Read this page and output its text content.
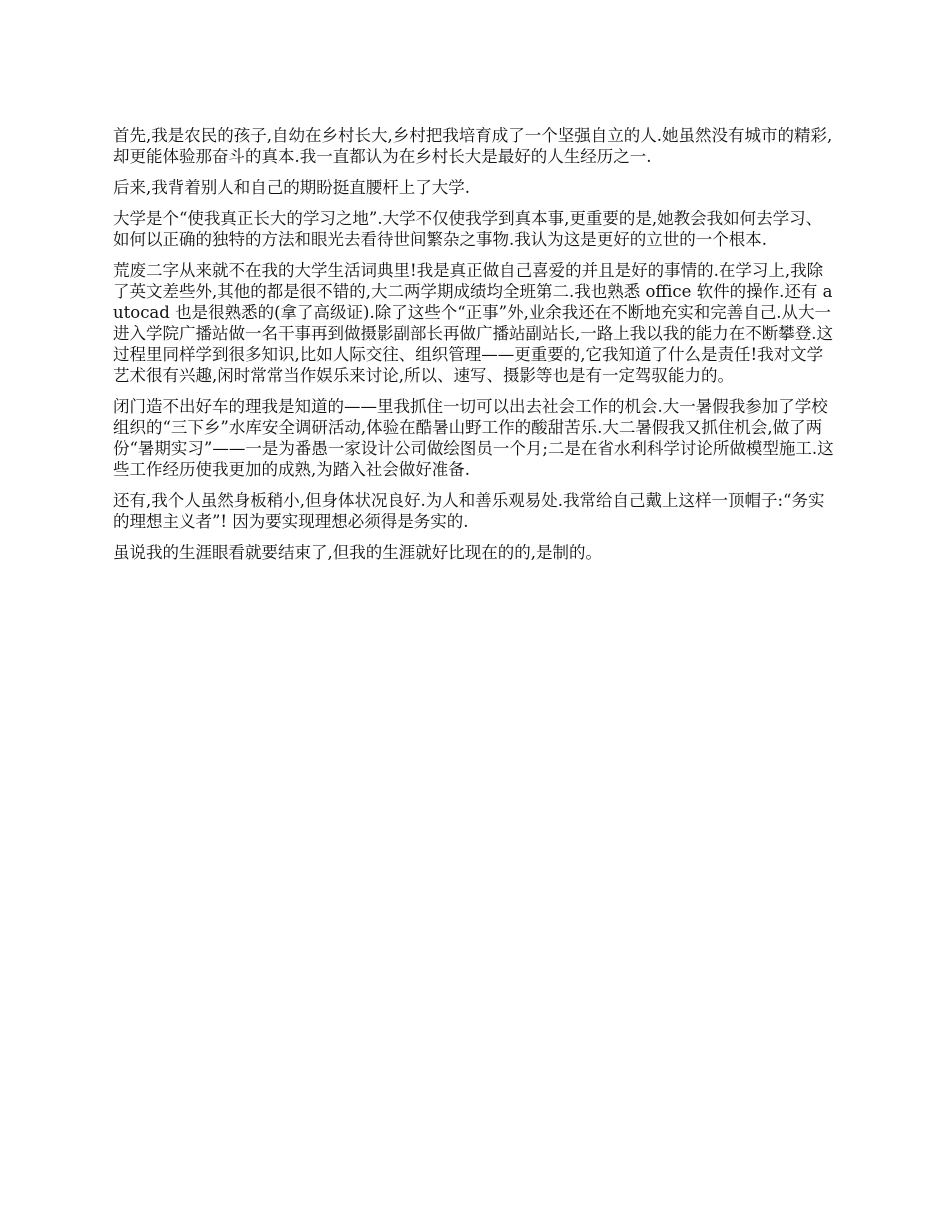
首先,我是农民的孩子,自幼在乡村长大,乡村把我培育成了一个坚强自立的人.她虽然没有城市的精彩,却更能体验那奋斗的真本.我一直都认为在乡村长大是最好的人生经历之一.

后来,我背着别人和自己的期盼挺直腰杆上了大学.

大学是个“使我真正长大的学习之地”.大学不仅使我学到真本事,更重要的是,她教会我如何去学习、如何以正确的独特的方法和眼光去看待世间繁杂之事物.我认为这是更好的立世的一个根本.

荒废二字从来就不在我的大学生活词典里!我是真正做自己喜爱的并且是好的事情的.在学习上,我除了英文差些外,其他的都是很不错的,大二两学期成绩均全班第二.我也熟悉 office 软件的操作.还有 autocad 也是很熟悉的(拿了高级证).除了这些个“正事”外,业余我还在不断地充实和完善自己.从大一进入学院广播站做一名干事再到做摄影副部长再做广播站副站长,一路上我以我的能力在不断攀登.这过程里同样学到很多知识,比如人际交往、组织管理——更重要的,它我知道了什么是责任!我对文学艺术很有兴趣,闲时常常当作娱乐来讨论,所以、速写、摄影等也是有一定驾驭能力的。

闭门造不出好车的理我是知道的——里我抓住一切可以出去社会工作的机会.大一暑假我参加了学校组织的“三下乡”水库安全调研活动,体验在酷暑山野工作的酸甜苦乐.大二暑假我又抓住机会,做了两份“暑期实习”——一是为番愚一家设计公司做绘图员一个月;二是在省水利科学讨论所做模型施工.这些工作经历使我更加的成熟,为踏入社会做好准备.

还有,我个人虽然身板稍小,但身体状况良好.为人和善乐观易处.我常给自己戴上这样一顶帽子:“务实的理想主义者”! 因为要实现理想必须得是务实的.

虽说我的生涯眼看就要结束了,但我的生涯就好比现在的的,是制的。
